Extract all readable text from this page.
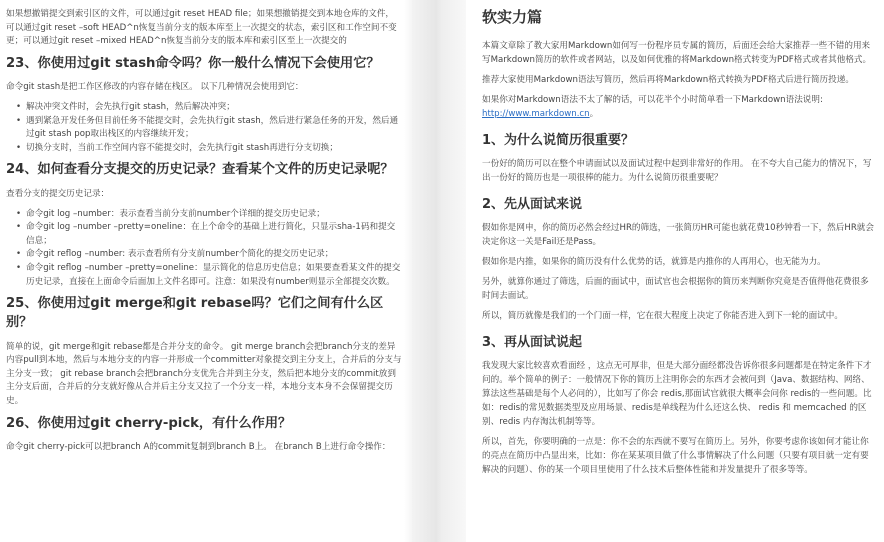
如果想撤销提交到索引区的文件，可以通过git reset HEAD file；如果想撤销提交到本地仓库的文件，可以通过git reset –soft HEAD^n恢复当前分支的版本库至上一次提交的状态，索引区和工作空间不变更；可以通过git reset –mixed HEAD^n恢复当前分支的版本库和索引区至上一次提交的

23、你使用过git stash命令吗？你一般什么情况下会使用它？

命令git stash是把工作区修改的内容存储在栈区。 以下几种情况会使用到它：

• 解决冲突文件时，会先执行git stash，然后解决冲突；
• 遇到紧急开发任务但目前任务不能提交时，会先执行git stash，然后进行紧急任务的开发，然后通过git stash pop取出栈区的内容继续开发；
• 切换分支时，当前工作空间内容不能提交时，会先执行git stash再进行分支切换；
24、如何查看分支提交的历史记录？查看某个文件的历史记录呢？

查看分支的提交历史记录：

• 命令git log –number：表示查看当前分支前number个详细的提交历史记录；
• 命令git log –number –pretty=oneline：在上个命令的基础上进行简化，只显示sha-1码和提交信息；
• 命令git reflog –number: 表示查看所有分支前number个简化的提交历史记录；
• 命令git reflog –number –pretty=oneline：显示简化的信息历史信息；如果要查看某文件的提交历史记录，直接在上面命令后面加上文件名即可。注意：如果没有number则显示全部提交次数。
25、你使用过git merge和git rebase吗？它们之间有什么区别？

简单的说，git merge和git rebase都是合并分支的命令。 git merge branch会把branch分支的差异内容pull到本地，然后与本地分支的内容一并形成一个committer对象提交到主分支上，合并后的分支与主分支一致； git rebase branch会把branch分支优先合并到主分支，然后把本地分支的commit放到主分支后面，合并后的分支就好像从合并后主分支又拉了一个分支一样，本地分支本身不会保留提交历史。

26、你使用过git cherry-pick，有什么作用？

命令git cherry-pick可以把branch A的commit复制到branch B上。 在branch B上进行命令操作：

软实力篇

本篇文章除了教大家用Markdown如何写一份程序员专属的简历，后面还会给大家推荐一些不错的用来写Markdown简历的软件或者网站，以及如何优雅的将Markdown格式转变为PDF格式或者其他格式。

推荐大家使用Markdown语法写简历，然后再将Markdown格式转换为PDF格式后进行简历投递。

如果你对Markdown语法不太了解的话，可以花半个小时简单看一下Markdown语法说明:
http://www.markdown.cn。

1、为什么说简历很重要？

一份好的简历可以在整个申请面试以及面试过程中起到非常好的作用。 在不夸大自己能力的情况下，写出一份好的简历也是一项很棒的能力。为什么说简历很重要呢？

2、先从面试来说

假如你是网申，你的简历必然会经过HR的筛选，一张简历HR可能也就花费10秒钟看一下，然后HR就会决定你这一关是Fail还是Pass。

假如你是内推，如果你的简历没有什么优势的话，就算是内推你的人再用心，也无能为力。

另外，就算你通过了筛选，后面的面试中，面试官也会根据你的简历来判断你究竟是否值得他花费很多时间去面试。

所以，简历就像是我们的一个门面一样，它在很大程度上决定了你能否进入到下一轮的面试中。

3、再从面试说起

我发现大家比较喜欢看面经 ，这点无可厚非，但是大部分面经都没告诉你很多问题都是在特定条件下才问的。举个简单的例子：一般情况下你的简历上注明你会的东西才会被问到（Java、数据结构、网络、算法这些基础是每个人必问的），比如写了你会 redis,那面试官就很大概率会问你 redis的一些问题。比如：redis的常见数据类型及应用场景、redis是单线程为什么还这么快、 redis 和 memcached 的区别、redis 内存淘汰机制等等。

所以，首先，你要明确的一点是：你不会的东西就不要写在简历上。另外，你要考虑你该如何才能让你的亮点在简历中凸显出来，比如：你在某某项目做了什么事情解决了什么问题（只要有项目就一定有要解决的问题）、你的某一个项目里使用了什么技术后整体性能和并发量提升了很多等等。
